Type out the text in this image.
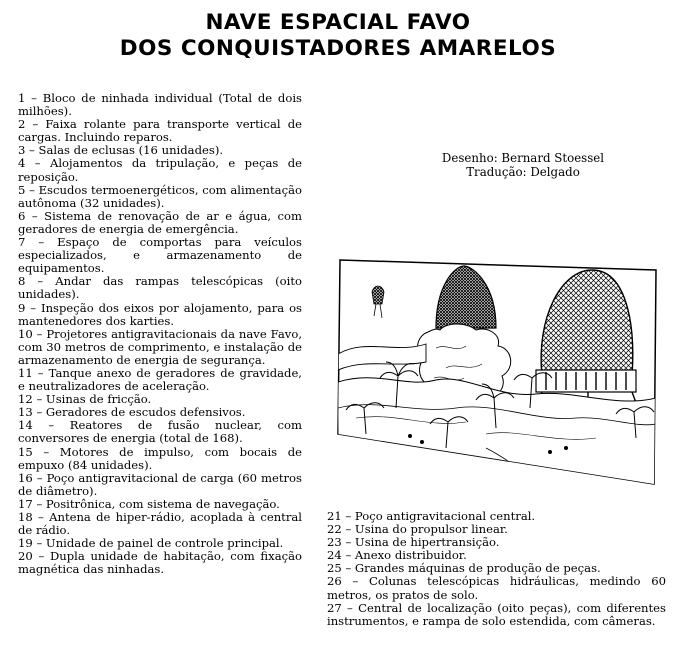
NAVE ESPACIAL FAVO
DOS CONQUISTADORES AMARELOS
1 – Bloco de ninhada individual (Total de dois milhões).
2 – Faixa rolante para transporte vertical de cargas. Incluindo reparos.
3 – Salas de eclusas (16 unidades).
4 – Alojamentos da tripulação, e peças de reposição.
5 – Escudos termoenergéticos, com alimentação autônoma (32 unidades).
6 – Sistema de renovação de ar e água, com geradores de energia de emergência.
7 – Espaço de comportas para veículos especializados, e armazenamento de equipamentos.
8 – Andar das rampas telescópicas (oito unidades).
9 – Inspeção dos eixos por alojamento, para os mantenedores dos karties.
10 – Projetores antigravitacionais da nave Favo, com 30 metros de comprimento, e instalação de armazenamento de energia de segurança.
11 – Tanque anexo de geradores de gravidade, e neutralizadores de aceleração.
12 – Usinas de fricção.
13 – Geradores de escudos defensivos.
14 – Reatores de fusão nuclear, com conversores de energia (total de 168).
15 – Motores de impulso, com bocais de empuxo (84 unidades).
16 – Poço antigravitacional de carga (60 metros de diâmetro).
17 – Positrônica, com sistema de navegação.
18 – Antena de hiper-rádio, acoplada à central de rádio.
19 – Unidade de painel de controle principal.
20 – Dupla unidade de habitação, com fixação magnética das ninhadas.
Desenho: Bernard Stoessel
Tradução: Delgado
21 – Poço antigravitacional central.
22 – Usina do propulsor linear.
23 – Usina de hipertransição.
24 – Anexo distribuidor.
25 – Grandes máquinas de produção de peças.
26 – Colunas telescópicas hidráulicas, medindo 60 metros, os pratos de solo.
27 – Central de localização (oito peças), com diferentes instrumentos, e rampa de solo estendida, com câmeras.
